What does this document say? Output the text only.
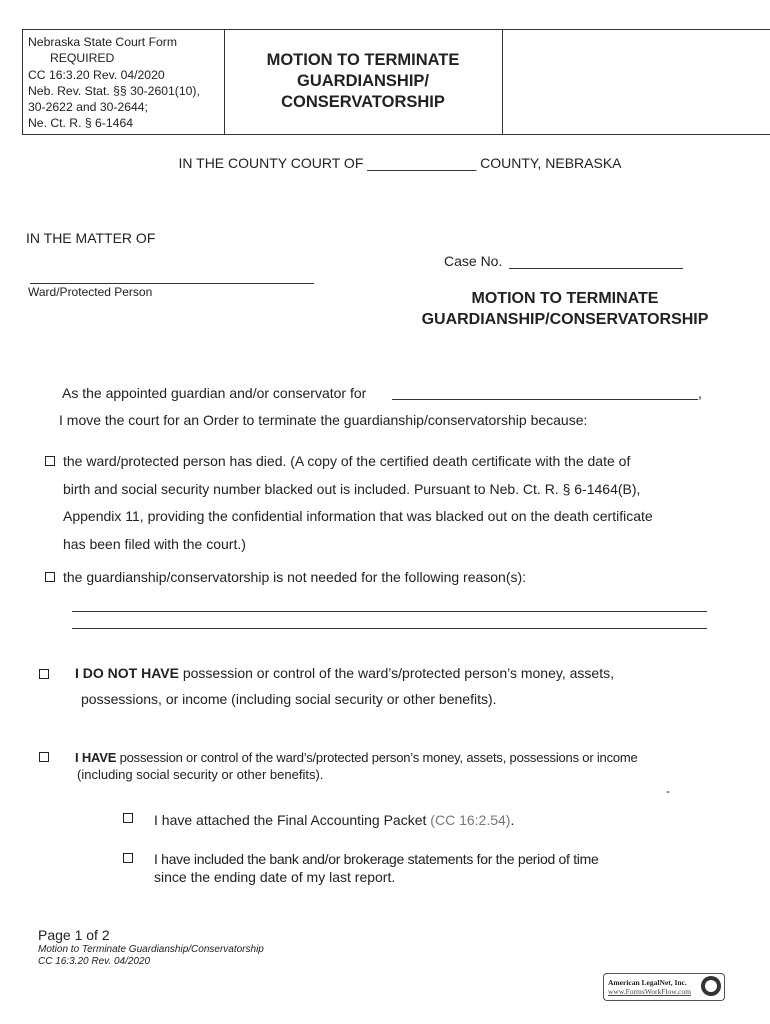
Nebraska State Court Form
REQUIRED
CC 16:3.20 Rev. 04/2020
Neb. Rev. Stat. §§ 30-2601(10),
30-2622 and 30-2644;
Ne. Ct. R. § 6-1464
MOTION TO TERMINATE
GUARDIANSHIP/
CONSERVATORSHIP
IN THE COUNTY COURT OF ______________ COUNTY, NEBRASKA
IN THE MATTER OF
Ward/Protected Person
Case No.
MOTION TO TERMINATE
GUARDIANSHIP/CONSERVATORSHIP
As the appointed guardian and/or conservator for	,
I move the court for an Order to terminate the guardianship/conservatorship because:
the ward/protected person has died. (A copy of the certified death certificate with the date of
birth and social security number blacked out is included. Pursuant to Neb. Ct. R. § 6-1464(B),
Appendix 11, providing the confidential information that was blacked out on the death certificate
has been filed with the court.)
the guardianship/conservatorship is not needed for the following reason(s):
I DO NOT HAVE possession or control of the ward’s/protected person’s money, assets,
possessions, or income (including social security or other benefits).
I HAVE possession or control of the ward’s/protected person’s money, assets, possessions or income
(including social security or other benefits).
-
I have attached the Final Accounting Packet (CC 16:2.54).
I have included the bank and/or brokerage statements for the period of time
since the ending date of my last report.
Page 1 of 2
Motion to Terminate Guardianship/Conservatorship
CC 16:3.20 Rev. 04/2020
American LegalNet, Inc.
www.FormsWorkFlow.com
